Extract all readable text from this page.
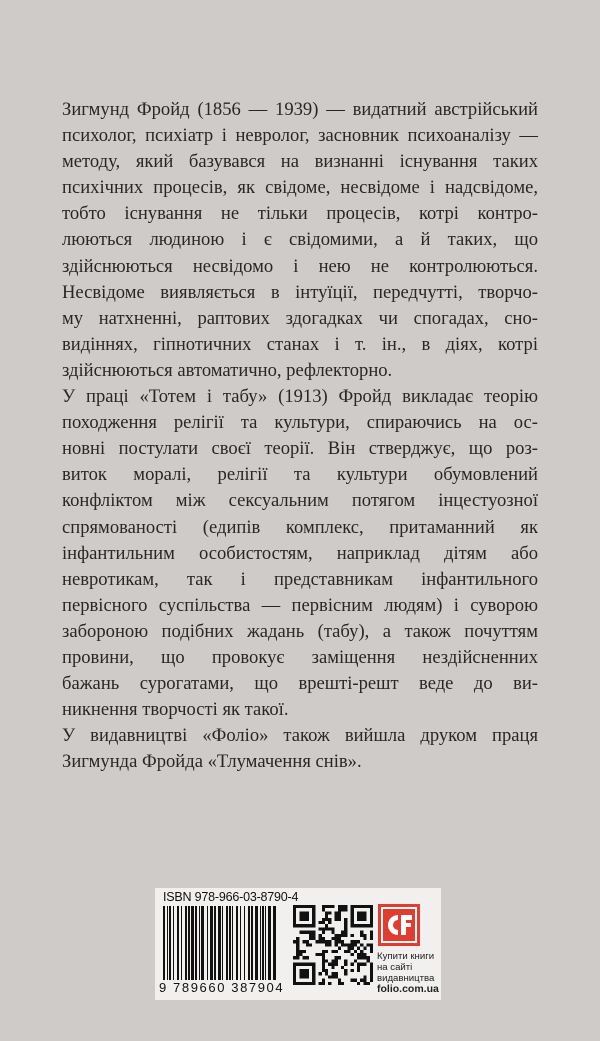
Зигмунд Фройд (1856 — 1939) — видатний австрійський
психолог, психіатр і невролог, засновник психоаналізу —
методу, який базувався на визнанні існування таких
психічних процесів, як свідоме, несвідоме і надсвідоме,
тобто існування не тільки процесів, котрі контро-
люються людиною і є свідомими, а й таких, що
здійснюються несвідомо і нею не контролюються.
Несвідоме виявляється в інтуїції, передчутті, творчо-
му натхненні, раптових здогадках чи спогадах, сно-
видіннях, гіпнотичних станах і т. ін., в діях, котрі
здійснюються автоматично, рефлекторно.
У праці «Тотем і табу» (1913) Фройд викладає теорію
походження релігії та культури, спираючись на ос-
новні постулати своєї теорії. Він стверджує, що роз-
виток моралі, релігії та культури обумовлений
конфліктом між сексуальним потягом інцестуозної
спрямованості (едипів комплекс, притаманний як
інфантильним особистостям, наприклад дітям або
невротикам, так і представникам інфантильного
первісного суспільства — первісним людям) і суворою
забороною подібних жадань (табу), а також почуттям
провини, що провокує заміщення нездійсненних
бажань сурогатами, що врешті-решт веде до ви-
никнення творчості як такої.
У видавництві «Фоліо» також вийшла друком праця
Зигмунда Фройда «Тлумачення снів».
ISBN 978-966-03-8790-4
9 789660 387904
Купити книги
на сайті
видавництва
folio.com.ua
